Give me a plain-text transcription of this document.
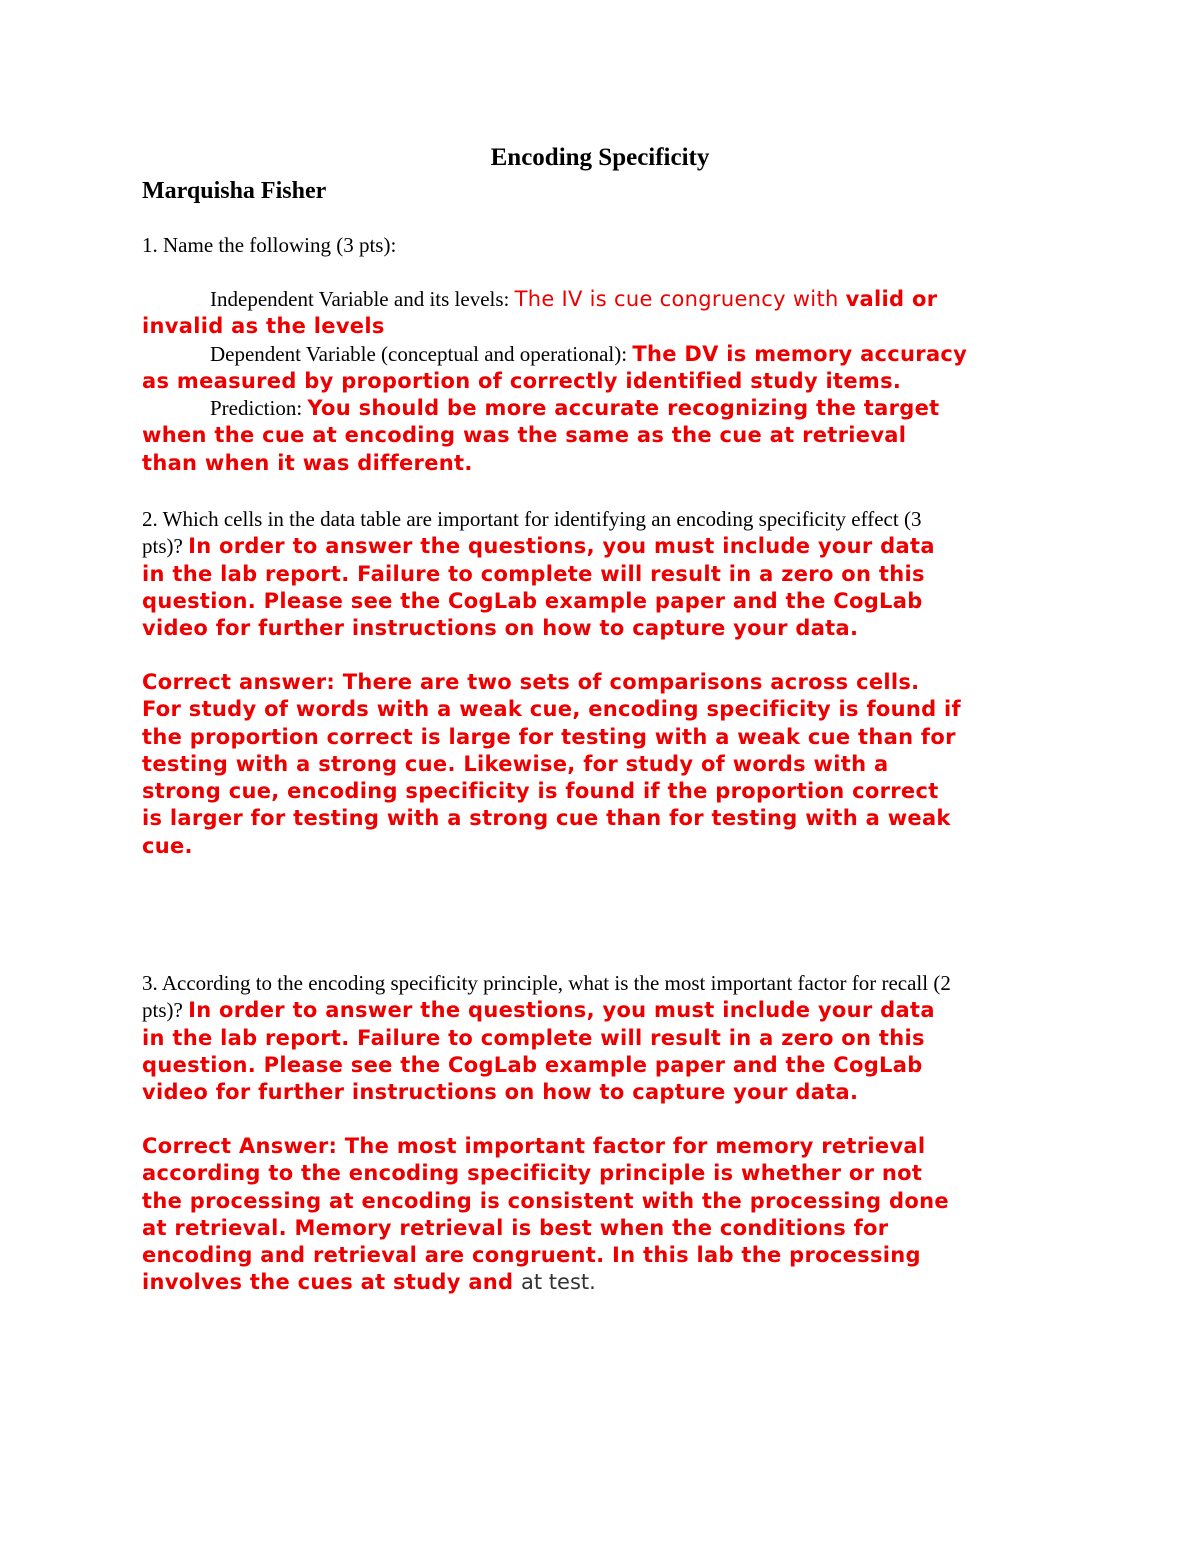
Encoding Specificity
Marquisha Fisher
1. Name the following (3 pts):
Independent Variable and its levels: The IV is cue congruency with valid or
invalid as the levels
Dependent Variable (conceptual and operational): The DV is memory accuracy
as measured by proportion of correctly identified study items.
Prediction: You should be more accurate recognizing the target
when the cue at encoding was the same as the cue at retrieval
than when it was different.
2. Which cells in the data table are important for identifying an encoding specificity effect (3
pts)? In order to answer the questions, you must include your data
in the lab report. Failure to complete will result in a zero on this
question. Please see the CogLab example paper and the CogLab
video for further instructions on how to capture your data.
Correct answer: There are two sets of comparisons across cells.
For study of words with a weak cue, encoding specificity is found if
the proportion correct is large for testing with a weak cue than for
testing with a strong cue. Likewise, for study of words with a
strong cue, encoding specificity is found if the proportion correct
is larger for testing with a strong cue than for testing with a weak
cue.
3. According to the encoding specificity principle, what is the most important factor for recall (2
pts)? In order to answer the questions, you must include your data
in the lab report. Failure to complete will result in a zero on this
question. Please see the CogLab example paper and the CogLab
video for further instructions on how to capture your data.
Correct Answer: The most important factor for memory retrieval
according to the encoding specificity principle is whether or not
the processing at encoding is consistent with the processing done
at retrieval. Memory retrieval is best when the conditions for
encoding and retrieval are congruent. In this lab the processing
involves the cues at study and at test.
